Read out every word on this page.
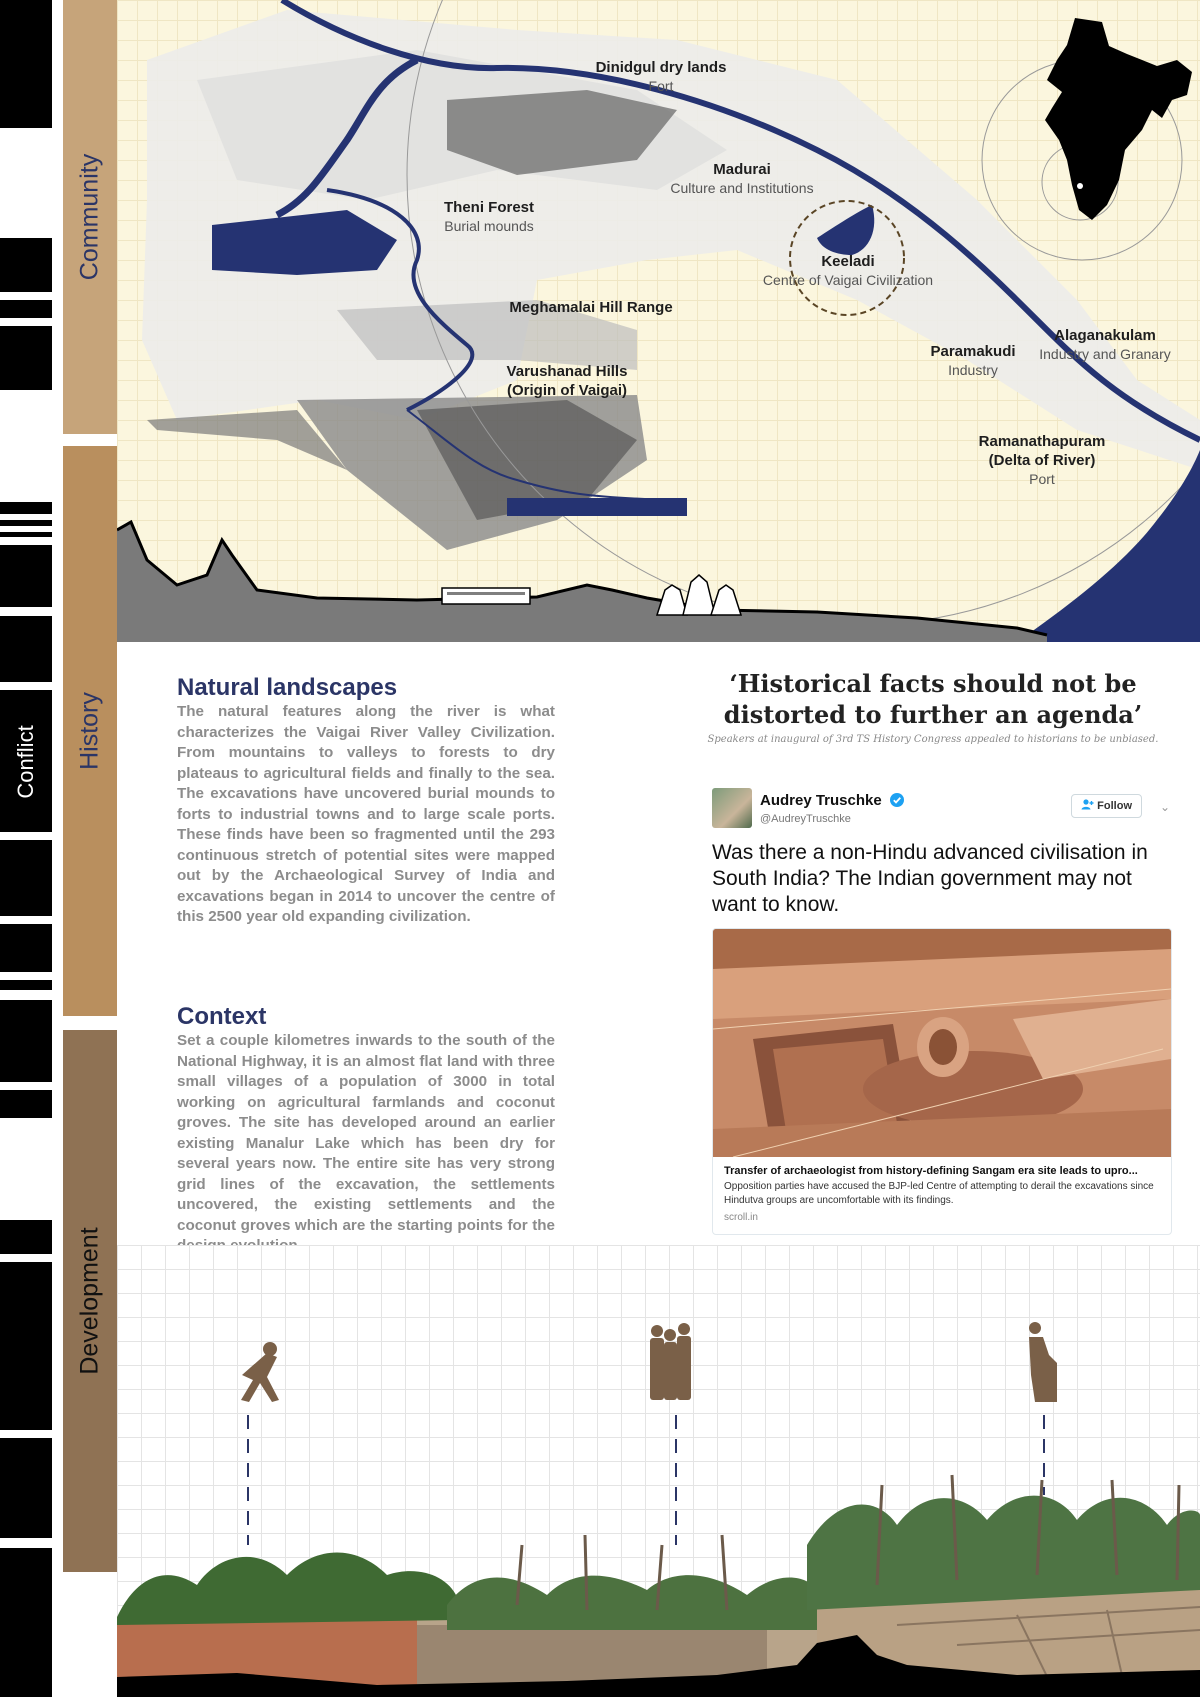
Conflict
Community
History
Development
Dinidgul dry lands
Fort
Madurai
Culture and Institutions
Theni Forest
Burial mounds
Keeladi
Centre of Vaigai Civilization
Meghamalai Hill Range
Varushanad Hills
(Origin of Vaigai)
Alaganakulam
Industry and Granary
Paramakudi
Industry
Ramanathapuram
(Delta of River)
Port
Natural landscapes

The natural features along the river is what characterizes the Vaigai River Valley Civilization. From mountains to valleys to forests to dry plateaus to agricultural fields and finally to the sea. The excavations have uncovered burial mounds to forts to industrial towns and to large scale ports. These finds have been so fragmented until the 293 continuous stretch of potential sites were mapped out by the Archaeological Survey of India and excavations began in 2014 to uncover the centre of this 2500 year old expanding civilization.

Context

Set a couple kilometres inwards to the south of the National Highway, it is an almost flat land with three small villages of a population of 3000 in total working on agricultural farmlands and coconut groves. The site has developed around an earlier existing Manalur Lake which has been dry for several years now. The entire site has very strong grid lines of the excavation, the settlements uncovered, the existing settlements and the coconut groves which are the starting points for the

‘Historical facts should not be distorted to further an agenda’
Speakers at inaugural of 3rd TS History Congress appealed to historians to be unbiased.
Audrey Truschke
@AudreyTruschke
Follow	⌄
Was there a non-Hindu advanced civilisation in South India? The Indian government may not want to know.
Transfer of archaeologist from history-defining Sangam era site leads to upro...
Opposition parties have accused the BJP-led Centre of attempting to derail the excavations since Hindutva groups are uncomfortable with its findings.
scroll.in
